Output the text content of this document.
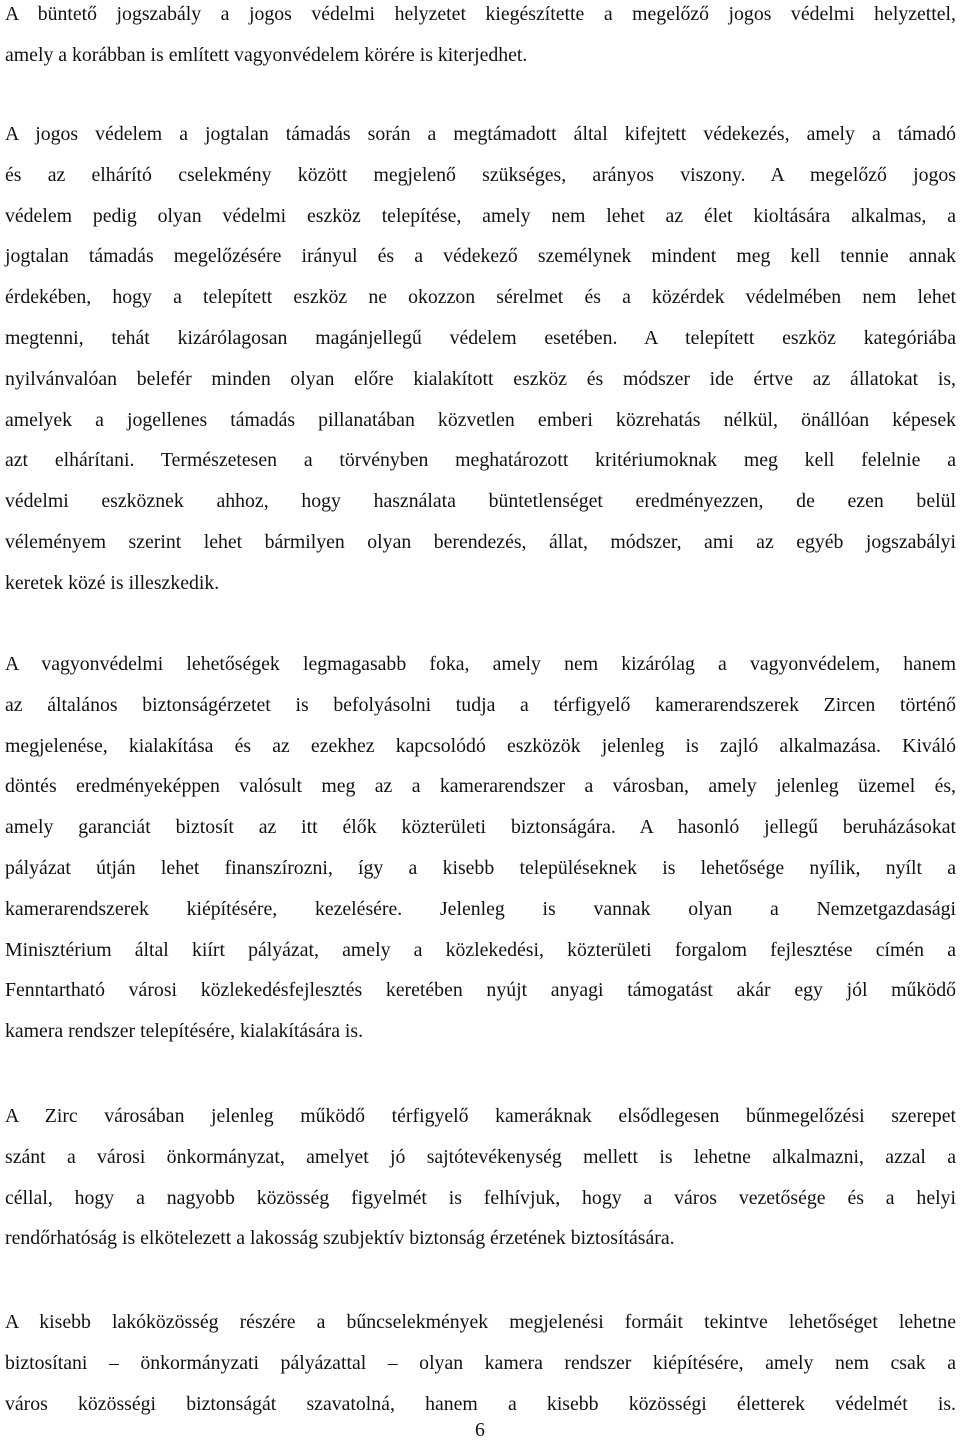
A büntető jogszabály a jogos védelmi helyzetet kiegészítette a megelőző jogos védelmi helyzettel,
amely a korábban is említett vagyonvédelem körére is kiterjedhet.
A jogos védelem a jogtalan támadás során a megtámadott által kifejtett védekezés, amely a támadó
és az elhárító cselekmény között megjelenő szükséges, arányos viszony. A megelőző jogos
védelem pedig olyan védelmi eszköz telepítése, amely nem lehet az élet kioltására alkalmas, a
jogtalan támadás megelőzésére irányul és a védekező személynek mindent meg kell tennie annak
érdekében, hogy a telepített eszköz ne okozzon sérelmet és a közérdek védelmében nem lehet
megtenni, tehát kizárólagosan magánjellegű védelem esetében. A telepített eszköz kategóriába
nyilvánvalóan belefér minden olyan előre kialakított eszköz és módszer ide értve az állatokat is,
amelyek a jogellenes támadás pillanatában közvetlen emberi közrehatás nélkül, önállóan képesek
azt elhárítani. Természetesen a törvényben meghatározott kritériumoknak meg kell felelnie a
védelmi eszköznek ahhoz, hogy használata büntetlenséget eredményezzen, de ezen belül
véleményem szerint lehet bármilyen olyan berendezés, állat, módszer, ami az egyéb jogszabályi
keretek közé is illeszkedik.
A vagyonvédelmi lehetőségek legmagasabb foka, amely nem kizárólag a vagyonvédelem, hanem
az általános biztonságérzetet is befolyásolni tudja a térfigyelő kamerarendszerek Zircen történő
megjelenése, kialakítása és az ezekhez kapcsolódó eszközök jelenleg is zajló alkalmazása. Kiváló
döntés eredményeképpen valósult meg az a kamerarendszer a városban, amely jelenleg üzemel és,
amely garanciát biztosít az itt élők közterületi biztonságára. A hasonló jellegű beruházásokat
pályázat útján lehet finanszírozni, így a kisebb településeknek is lehetősége nyílik, nyílt a
kamerarendszerek kiépítésére, kezelésére. Jelenleg is vannak olyan a Nemzetgazdasági
Minisztérium által kiírt pályázat, amely a közlekedési, közterületi forgalom fejlesztése címén a
Fenntartható városi közlekedésfejlesztés keretében nyújt anyagi támogatást akár egy jól működő
kamera rendszer telepítésére, kialakítására is.
A Zirc városában jelenleg működő térfigyelő kameráknak elsődlegesen bűnmegelőzési szerepet
szánt a városi önkormányzat, amelyet jó sajtótevékenység mellett is lehetne alkalmazni, azzal a
céllal, hogy a nagyobb közösség figyelmét is felhívjuk, hogy a város vezetősége és a helyi
rendőrhatóság is elkötelezett a lakosság szubjektív biztonság érzetének biztosítására.
A kisebb lakóközösség részére a bűncselekmények megjelenési formáit tekintve lehetőséget lehetne
biztosítani – önkormányzati pályázattal – olyan kamera rendszer kiépítésére, amely nem csak a
város közösségi biztonságát szavatolná, hanem a kisebb közösségi életterek védelmét is.
6
